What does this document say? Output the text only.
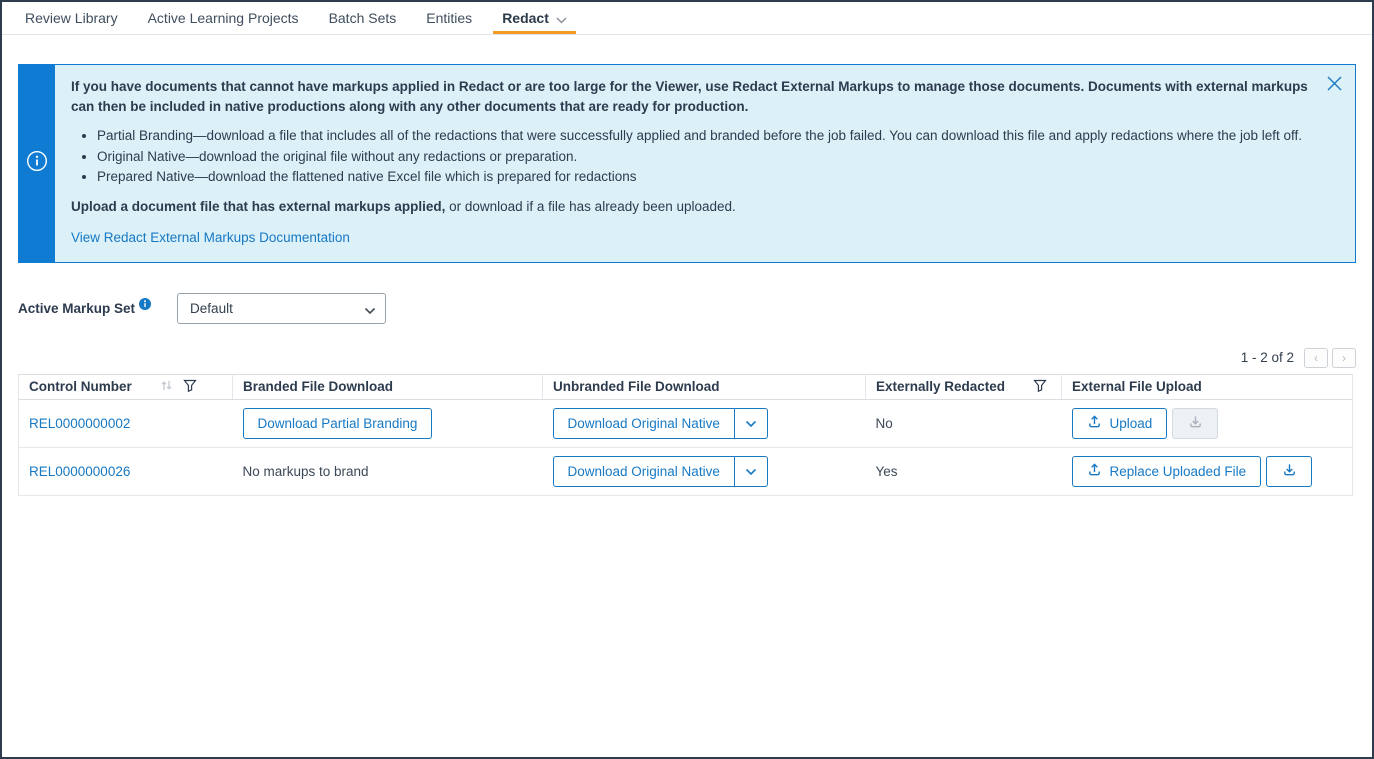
Review Library Active Learning Projects Batch Sets Entities Redact
If you have documents that cannot have markups applied in Redact or are too large for the Viewer, use Redact External Markups to manage those documents. Documents with external markups can then be included in native productions along with any other documents that are ready for production.
• Partial Branding—download a file that includes all of the redactions that were successfully applied and branded before the job failed. You can download this file and apply redactions where the job left off.
• Original Native—download the original file without any redactions or preparation.
• Prepared Native—download the flattened native Excel file which is prepared for redactions
Upload a document file that has external markups applied, or download if a file has already been uploaded.
View Redact External Markups Documentation
Active Markup Set
Default
1 - 2 of 2	‹	›
Control Number	Branded File Download	Unbranded File Download	Externally Redacted	External File Upload
REL0000000002	Download Partial Branding	Download Original Native	No	Upload

REL0000000026	No markups to brand	Download Original Native	Yes	Replace Uploaded File
